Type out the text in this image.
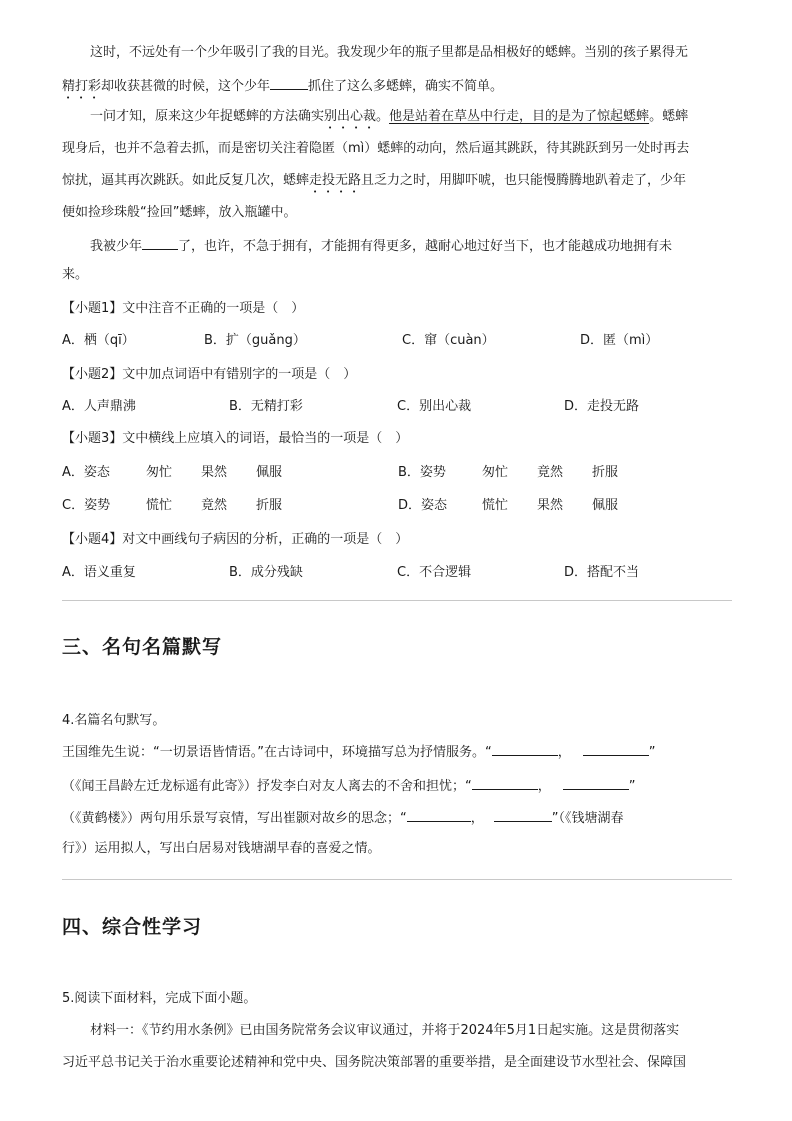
这时，不远处有一个少年吸引了我的目光。我发现少年的瓶子里都是品相极好的蟋蟀。当别的孩子累得无
精打彩却收获甚微的时候，这个少年	抓住了这么多蟋蟀，确实不简单。
一问才知，原来这少年捉蟋蟀的方法确实别出心裁。他是站着在草丛中行走，目的是为了惊起蟋蟀。蟋蟀
现身后，也并不急着去抓，而是密切关注着隐匿（mì）蟋蟀的动向，然后逼其跳跃，待其跳跃到另一处时再去
惊扰，逼其再次跳跃。如此反复几次，蟋蟀走投无路且乏力之时，用脚吓唬，也只能慢腾腾地趴着走了，少年
便如捡珍珠般“捡回”蟋蟀，放入瓶罐中。
我被少年	了，也许，不急于拥有，才能拥有得更多，越耐心地过好当下，也才能越成功地拥有未
来。
【小题1】文中注音不正确的一项是（　）
A．栖（qī）	B．扩（guǎng）	C．窜（cuàn）	D．匿（mì）
【小题2】文中加点词语中有错别字的一项是（　）
A．人声鼎沸	B．无精打彩	C．别出心裁	D．走投无路
【小题3】文中横线上应填入的词语，最恰当的一项是（　）
A．姿态	匆忙 果然 佩服	B．姿势	匆忙 竟然 折服
C．姿势	慌忙 竟然 折服	D．姿态	慌忙 果然 佩服
【小题4】对文中画线句子病因的分析，正确的一项是（　）
A．语义重复	B．成分残缺	C．不合逻辑	D．搭配不当
三、名句名篇默写
4.名篇名句默写。
王国维先生说：“一切景语皆情语。”在古诗词中，环境描写总为抒情服务。“	，	”
（《闻王昌龄左迁龙标遥有此寄》）抒发李白对友人离去的不舍和担忧；“	，	”
（《黄鹤楼》）两句用乐景写哀情，写出崔颢对故乡的思念；“	，	”（《钱塘湖春
行》）运用拟人，写出白居易对钱塘湖早春的喜爱之情。
四、综合性学习
5.阅读下面材料，完成下面小题。
材料一：《节约用水条例》已由国务院常务会议审议通过，并将于2024年5月1日起实施。这是贯彻落实
习近平总书记关于治水重要论述精神和党中央、国务院决策部署的重要举措，是全面建设节水型社会、保障国
